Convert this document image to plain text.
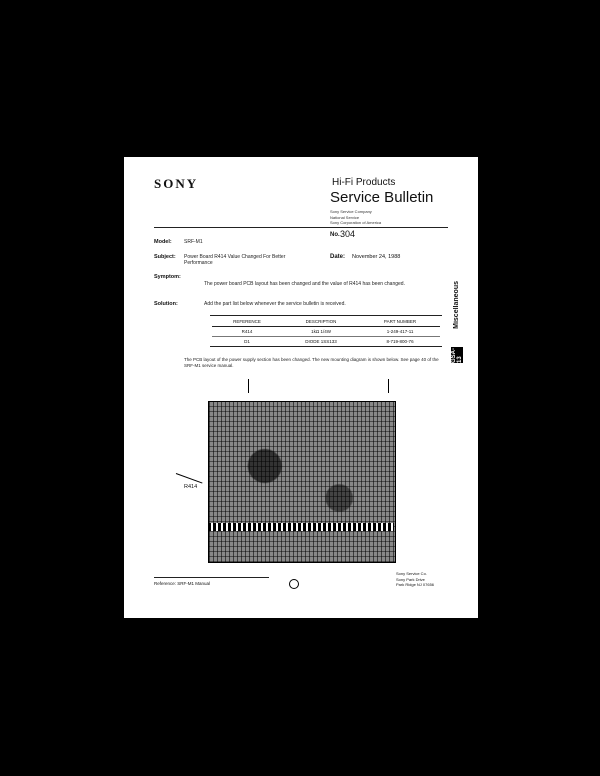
SONY	Hi-Fi Products
Service Bulletin
Sony Service Company
National Service
Sony Corporation of America
Model: SRF-M1
No. 304
Subject: Power Board R414 Value Changed For Better Performance
Date: November 24, 1988
Symptom:
The power board PCB layout has been changed and the value of R414 has been changed.
Solution:	Add the part list below whenever the service bulletin is received.
REFERENCE	DESCRIPTION	PART NUMBER
R414	1kΩ 1/4W	1-249-417-11
D1	DIODE 1SS133	8-719-800-76
The PCB layout of the power supply section has been changed. The new mounting diagram is shown below. See page 40 of the SRF-M1 service manual.
R414
Miscellaneous
GSA-13
Reference: SRF-M1 Manual
Sony Service Co.
Sony Park Drive
Park Ridge NJ 07656
